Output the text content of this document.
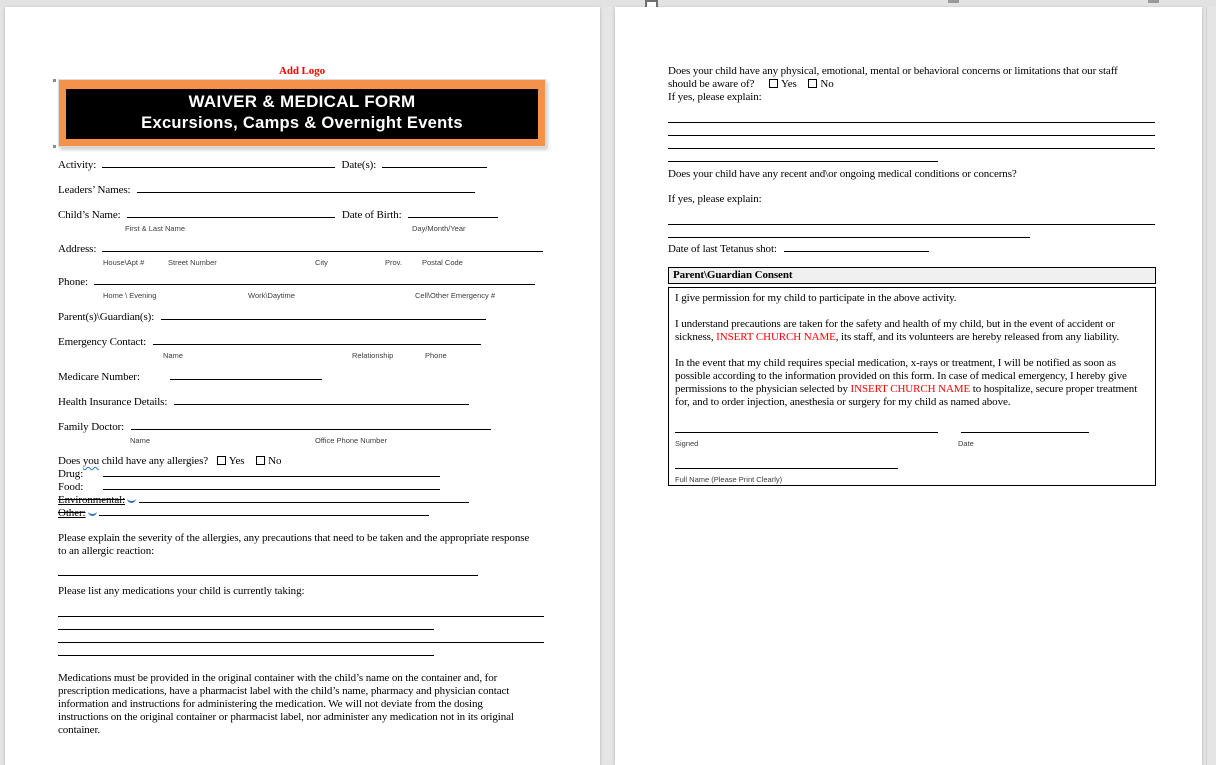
Add Logo
WAIVER & MEDICAL FORM
Excursions, Camps & Overnight Events
Activity:	Date(s):
Leaders’ Names:
Child’s Name:	Date of Birth:
First & Last Name	Day/Month/Year
Address:
House\Apt #	Street Number	City	Prov.	Postal Code
Phone:
Home \ Evening	Work\Daytime	Cell\Other Emergency #
Parent(s)\Guardian(s):
Emergency Contact:
Name	Relationship	Phone
Medicare Number:
Health Insurance Details:
Family Doctor:
Name	Office Phone Number
Does you child have any allergies? Yes No
Drug:
Food:
Environmental:
Other:
Please explain the severity of the allergies, any precautions that need to be taken and the appropriate response
to an allergic reaction:
Please list any medications your child is currently taking:
Medications must be provided in the original container with the child’s name on the container and, for
prescription medications, have a pharmacist label with the child’s name, pharmacy and physician contact
information and instructions for administering the medication. We will not deviate from the dosing
instructions on the original container or pharmacist label, nor administer any medication not in its original
container.
Does your child have any physical, emotional, mental or behavioral concerns or limitations that our staff
should be aware of? Yes No
If yes, please explain:
Does your child have any recent and\or ongoing medical conditions or concerns?
If yes, please explain:
Date of last Tetanus shot:
Parent\Guardian Consent
I give permission for my child to participate in the above activity.
I understand precautions are taken for the safety and health of my child, but in the event of accident or
sickness, INSERT CHURCH NAME, its staff, and its volunteers are hereby released from any liability.
In the event that my child requires special medication, x-rays or treatment, I will be notified as soon as
possible according to the information provided on this form. In case of medical emergency, I hereby give
permissions to the physician selected by INSERT CHURCH NAME to hospitalize, secure proper treatment
for, and to order injection, anesthesia or surgery for my child as named above.

Signed	Date
Full Name (Please Print Clearly)
